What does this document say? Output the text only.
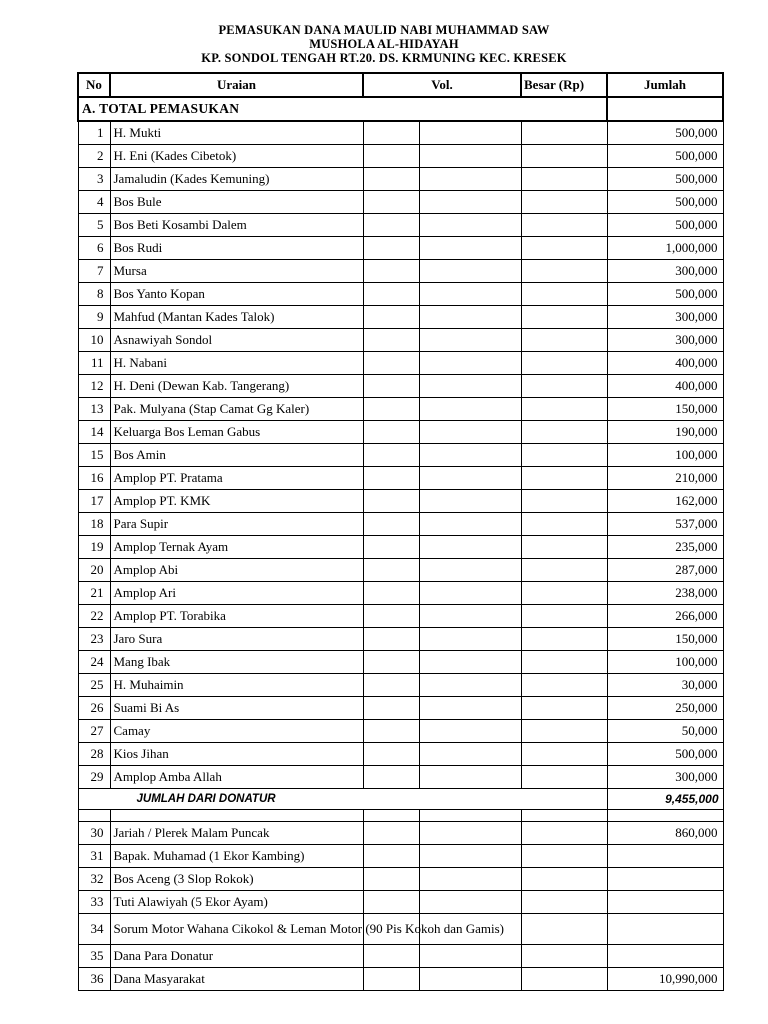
PEMASUKAN DANA MAULID NABI MUHAMMAD SAW
MUSHOLA AL-HIDAYAH
KP. SONDOL TENGAH RT.20. DS. KRMUNING KEC. KRESEK
No	Uraian	Vol.		Besar (Rp)	Jumlah
A. TOTAL PEMASUKAN					
1	H. Mukti				500,000
2	H. Eni (Kades Cibetok)				500,000
3	Jamaludin (Kades Kemuning)				500,000
4	Bos Bule				500,000
5	Bos Beti Kosambi Dalem				500,000
6	Bos Rudi				1,000,000
7	Mursa				300,000
8	Bos Yanto Kopan				500,000
9	Mahfud (Mantan Kades Talok)				300,000
10	Asnawiyah Sondol				300,000
11	H. Nabani				400,000
12	H. Deni (Dewan Kab. Tangerang)				400,000
13	Pak. Mulyana (Stap Camat Gg Kaler)				150,000
14	Keluarga Bos Leman Gabus				190,000
15	Bos Amin				100,000
16	Amplop PT. Pratama				210,000
17	Amplop PT. KMK				162,000
18	Para Supir				537,000
19	Amplop Ternak Ayam				235,000
20	Amplop Abi				287,000
21	Amplop Ari				238,000
22	Amplop PT. Torabika				266,000
23	Jaro Sura				150,000
24	Mang Ibak				100,000
25	H. Muhaimin				30,000
26	Suami Bi As				250,000
27	Camay				50,000
28	Kios Jihan				500,000
29	Amplop Amba Allah				300,000
JUMLAH DARI DONATUR					9,455,000

30	Jariah / Plerek Malam Puncak				860,000
31	Bapak. Muhamad (1 Ekor Kambing)				
32	Bos Aceng (3 Slop Rokok)				
33	Tuti Alawiyah (5 Ekor Ayam)				
34	Sorum Motor Wahana Cikokol & Leman Motor (90 Pis Kokoh dan Gamis)				
35	Dana Para Donatur				
36	Dana Masyarakat				10,990,000
